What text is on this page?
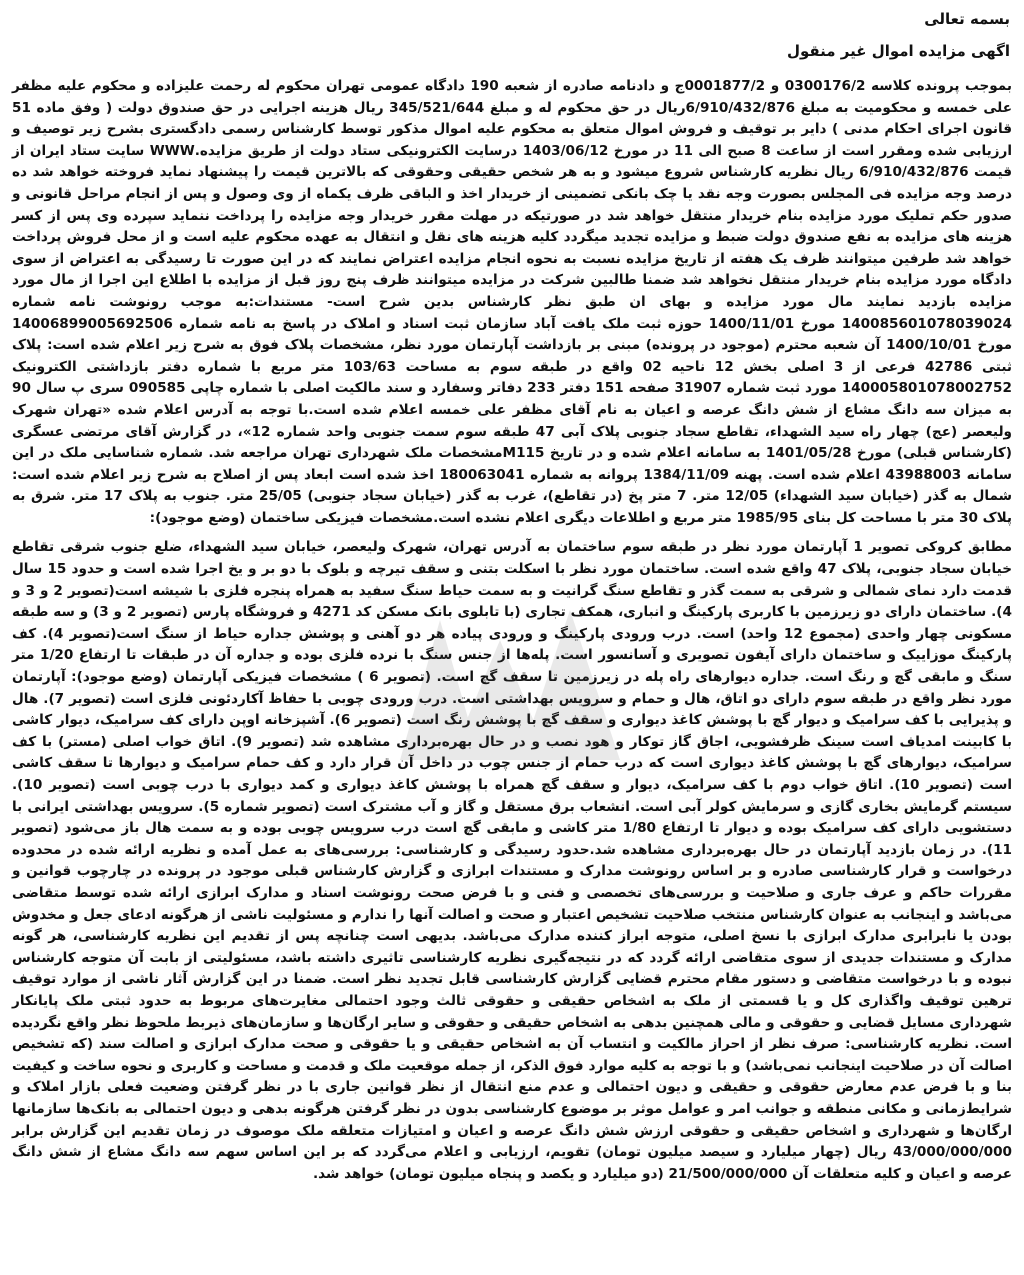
بسمه تعالی
اگهی مزایده اموال غیر منقول
بموجب پرونده کلاسه 0300176/2 و 0001877/2ج و دادنامه صادره از شعبه 190 دادگاه عمومی تهران محکوم له رحمت علیزاده و محکوم علیه مظفر علی خمسه و محکومیت به مبلغ 6/910/432/876ریال در حق محکوم له و مبلغ 345/521/644 ریال هزینه اجرایی در حق صندوق دولت ( وفق ماده 51 قانون اجرای احکام مدنی ) دایر بر توقیف و فروش اموال متعلق به محکوم علیه اموال مذکور توسط کارشناس رسمی دادگستری بشرح زیر توصیف و ارزیابی شده ومقرر است از ساعت 8 صبح الی 11 در مورخ 1403/06/12 درسایت الکترونیکی ستاد دولت از طریق مزایده.WWW سایت ستاد ایران از قیمت 6/910/432/876 ریال نظریه کارشناس شروع میشود و به هر شخص حقیقی وحقوقی که بالاترین قیمت را پیشنهاد نماید فروخته خواهد شد ده درصد وجه مزایده فی المجلس بصورت وجه نقد یا چک بانکی تضمینی از خریدار اخذ و الباقی ظرف یکماه از وی وصول و پس از انجام مراحل قانونی و صدور حکم تملیک مورد مزایده بنام خریدار منتقل خواهد شد در صورتیکه در مهلت مقرر خریدار وجه مزایده را پرداخت ننماید سپرده وی پس از کسر هزینه های مزایده به نفع صندوق دولت ضبط و مزایده تجدید میگردد کلیه هزینه های نقل و انتقال به عهده محکوم علیه است و از محل فروش پرداخت خواهد شد طرفین میتوانند ظرف یک هفته از تاریخ مزایده نسبت به نحوه انجام مزایده اعتراض نمایند که در این صورت تا رسیدگی به اعتراض از سوی دادگاه مورد مزایده بنام خریدار منتقل نخواهد شد ضمنا طالبین شرکت در مزایده میتوانند ظرف پنج روز قبل از مزایده با اطلاع این اجرا از مال مورد مزایده بازدید نمایند مال مورد مزایده و بهای ان طبق نظر کارشناس بدین شرح است- مستندات:به موجب رونوشت نامه شماره 140085601078039024 مورخ 1400/11/01 حوزه ثبت ملک یافت آباد سازمان ثبت اسناد و املاک در پاسخ به نامه شماره 14006899005692506 مورخ 1400/10/01 آن شعبه محترم (موجود در پرونده) مبنی بر بازداشت آپارتمان مورد نظر، مشخصات پلاک فوق به شرح زیر اعلام شده است: پلاک ثبتی 42786 فرعی از 3 اصلی بخش 12 ناحیه 02 واقع در طبقه سوم به مساحت 103/63 متر مربع با شماره دفتر بازداشتی الکترونیک 140005801078002752 مورد ثبت شماره 31907 صفحه 151 دفتر 233 دفاتر وسفارد و سند مالکیت اصلی با شماره چاپی 090585 سری پ سال 90 به میزان سه دانگ مشاع از شش دانگ عرصه و اعیان به نام آقای مظفر علی خمسه اعلام شده است.با توجه به آدرس اعلام شده «تهران شهرک ولیعصر (عج) چهار راه سید الشهداء، تقاطع سجاد جنوبی پلاک آبی 47 طبقه سوم سمت جنوبی واحد شماره 12»، در گزارش آقای مرتضی عسگری (کارشناس قبلی) مورخ 1401/05/28 به سامانه اعلام شده و در تاریخ M115مشخصات ملک شهرداری تهران مراجعه شد. شماره شناسایی ملک در این سامانه 43988003 اعلام شده است. پهنه 1384/11/09 پروانه به شماره 180063041 اخذ شده است ابعاد پس از اصلاح به شرح زیر اعلام شده است: شمال به گذر (خیابان سید الشهداء) 12/05 متر. 7 متر پخ (در تقاطع)، غرب به گذر (خیابان سجاد جنوبی) 25/05 متر. جنوب به پلاک 17 متر. شرق به پلاک 30 متر با مساحت کل بنای 1985/95 متر مربع و اطلاعات دیگری اعلام نشده است.مشخصات فیزیکی ساختمان (وضع موجود):
مطابق کروکی تصویر 1 آپارتمان مورد نظر در طبقه سوم ساختمان به آدرس تهران، شهرک ولیعصر، خیابان سید الشهداء، ضلع جنوب شرقی تقاطع خیابان سجاد جنوبی، پلاک 47 واقع شده است. ساختمان مورد نظر با اسکلت بتنی و سقف تیرچه و بلوک با دو بر و یخ اجرا شده است و حدود 15 سال قدمت دارد نمای شمالی و شرقی به سمت گذر و تقاطع سنگ گرانیت و به سمت حیاط سنگ سفید به همراه پنجره فلزی با شیشه است(تصویر 2 و 3 و 4). ساختمان دارای دو زیرزمین با کاربری پارکینگ و انباری، همکف تجاری (با تابلوی بانک مسکن کد 4271 و فروشگاه پارس (تصویر 2 و 3) و سه طبقه مسکونی چهار واحدی (مجموع 12 واحد) است. درب ورودی پارکینگ و ورودی پیاده هر دو آهنی و پوشش جداره حیاط از سنگ است(تصویر 4). کف پارکینگ موزاییک و ساختمان دارای آیفون تصویری و آسانسور است. پله‌ها از جنس سنگ با نرده فلزی بوده و جداره آن در طبقات تا ارتفاع 1/20 متر سنگ و مابقی گچ و رنگ است. جداره دیوارهای راه پله در زیرزمین تا سقف گچ است. (تصویر 6 ) مشخصات فیزیکی آپارتمان (وضع موجود): آپارتمان مورد نظر واقع در طبقه سوم دارای دو اتاق، هال و حمام و سرویس بهداشتی است. درب ورودی چوبی با حفاظ آکاردئونی فلزی است (تصویر 7). هال و پذیرایی با کف سرامیک و دیوار گچ با پوشش کاغذ دیواری و سقف گچ با پوشش رنگ است (تصویر 6). آشپزخانه اوپن دارای کف سرامیک، دیوار کاشی با کابینت امدیاف است سینک ظرفشویی، اجاق گاز توکار و هود نصب و در حال بهره‌برداری مشاهده شد (تصویر 9). اتاق خواب اصلی (مستر) با کف سرامیک، دیوارهای گچ با پوشش کاغذ دیواری است که درب حمام از جنس چوب در داخل آن قرار دارد و کف حمام سرامیک و دیوارها تا سقف کاشی است (تصویر 10). اتاق خواب دوم با کف سرامیک، دیوار و سقف گچ همراه با پوشش کاغذ دیواری و کمد دیواری با درب چوبی است (تصویر 10). سیستم گرمایش بخاری گازی و سرمایش کولر آبی است. انشعاب برق مستقل و گاز و آب مشترک است (تصویر شماره 5). سرویس بهداشتی ایرانی با دستشویی دارای کف سرامیک بوده و دیوار تا ارتفاع 1/80 متر کاشی و مابقی گچ است درب سرویس چوبی بوده و به سمت هال باز می‌شود (تصویر 11). در زمان بازدید آپارتمان در حال بهره‌برداری مشاهده شد.حدود رسیدگی و کارشناسی: بررسی‌های به عمل آمده و نظریه ارائه شده در محدوده درخواست و قرار کارشناسی صادره و بر اساس رونوشت مدارک و مستندات ابرازی و گزارش کارشناس قبلی موجود در پرونده در چارچوب قوانین و مقررات حاکم و عرف جاری و صلاحیت و بررسی‌های تخصصی و فنی و با فرض صحت رونوشت اسناد و مدارک ابرازی ارائه شده توسط متقاضی می‌باشد و اینجانب به عنوان کارشناس منتخب صلاحیت تشخیص اعتبار و صحت و اصالت آنها را ندارم و مسئولیت ناشی از هرگونه ادعای جعل و مخدوش بودن یا نابرابری مدارک ابرازی با نسخ اصلی، متوجه ابراز کننده مدارک می‌باشد. بدیهی است چنانچه پس از تقدیم این نظریه کارشناسی، هر گونه مدارک و مستندات جدیدی از سوی متقاضی ارائه گردد که در نتیجه‌گیری نظریه کارشناسی تاثیری داشته باشد، مسئولیتی از بابت آن متوجه کارشناس نبوده و با درخواست متقاضی و دستور مقام محترم قضایی گزارش کارشناسی قابل تجدید نظر است. ضمنا در این گزارش آثار ناشی از موارد توقیف ترهین توقیف واگذاری کل و یا قسمتی از ملک به اشخاص حقیقی و حقوقی ثالث وجود احتمالی مغایرت‌های مربوط به حدود ثبتی ملک پایانکار شهرداری مسایل قضایی و حقوقی و مالی همچنین بدهی به اشخاص حقیقی و حقوقی و سایر ارگان‌ها و سازمان‌های ذیربط ملحوظ نظر واقع نگردیده است. نظریه کارشناسی: صرف نظر از احراز مالکیت و انتساب آن به اشخاص حقیقی و یا حقوقی و صحت مدارک ابرازی و اصالت سند (که تشخیص اصالت آن در صلاحیت اینجانب نمی‌باشد) و با توجه به کلیه موارد فوق الذکر، از جمله موقعیت ملک و قدمت و مساحت و کاربری و نحوه ساخت و کیفیت بنا و با فرض عدم معارض حقوقی و حقیقی و دیون احتمالی و عدم منع انتقال از نظر قوانین جاری با در نظر گرفتن وضعیت فعلی بازار املاک و شرایط‌زمانی و مکانی منطقه و جوانب امر و عوامل موثر بر موضوع کارشناسی بدون در نظر گرفتن هرگونه بدهی و دیون احتمالی به بانک‌ها سازمانها ارگان‌ها و شهرداری و اشخاص حقیقی و حقوقی ارزش شش دانگ عرصه و اعیان و امتیازات متعلقه ملک موصوف در زمان تقدیم این گزارش برابر 43/000/000/000 ریال (چهار میلیارد و سیصد میلیون تومان) تقویم، ارزیابی و اعلام می‌گردد که بر این اساس سهم سه دانگ مشاع از شش دانگ عرصه و اعیان و کلیه متعلقات آن 21/500/000/000 (دو میلیارد و یکصد و پنجاه میلیون تومان) خواهد شد.
